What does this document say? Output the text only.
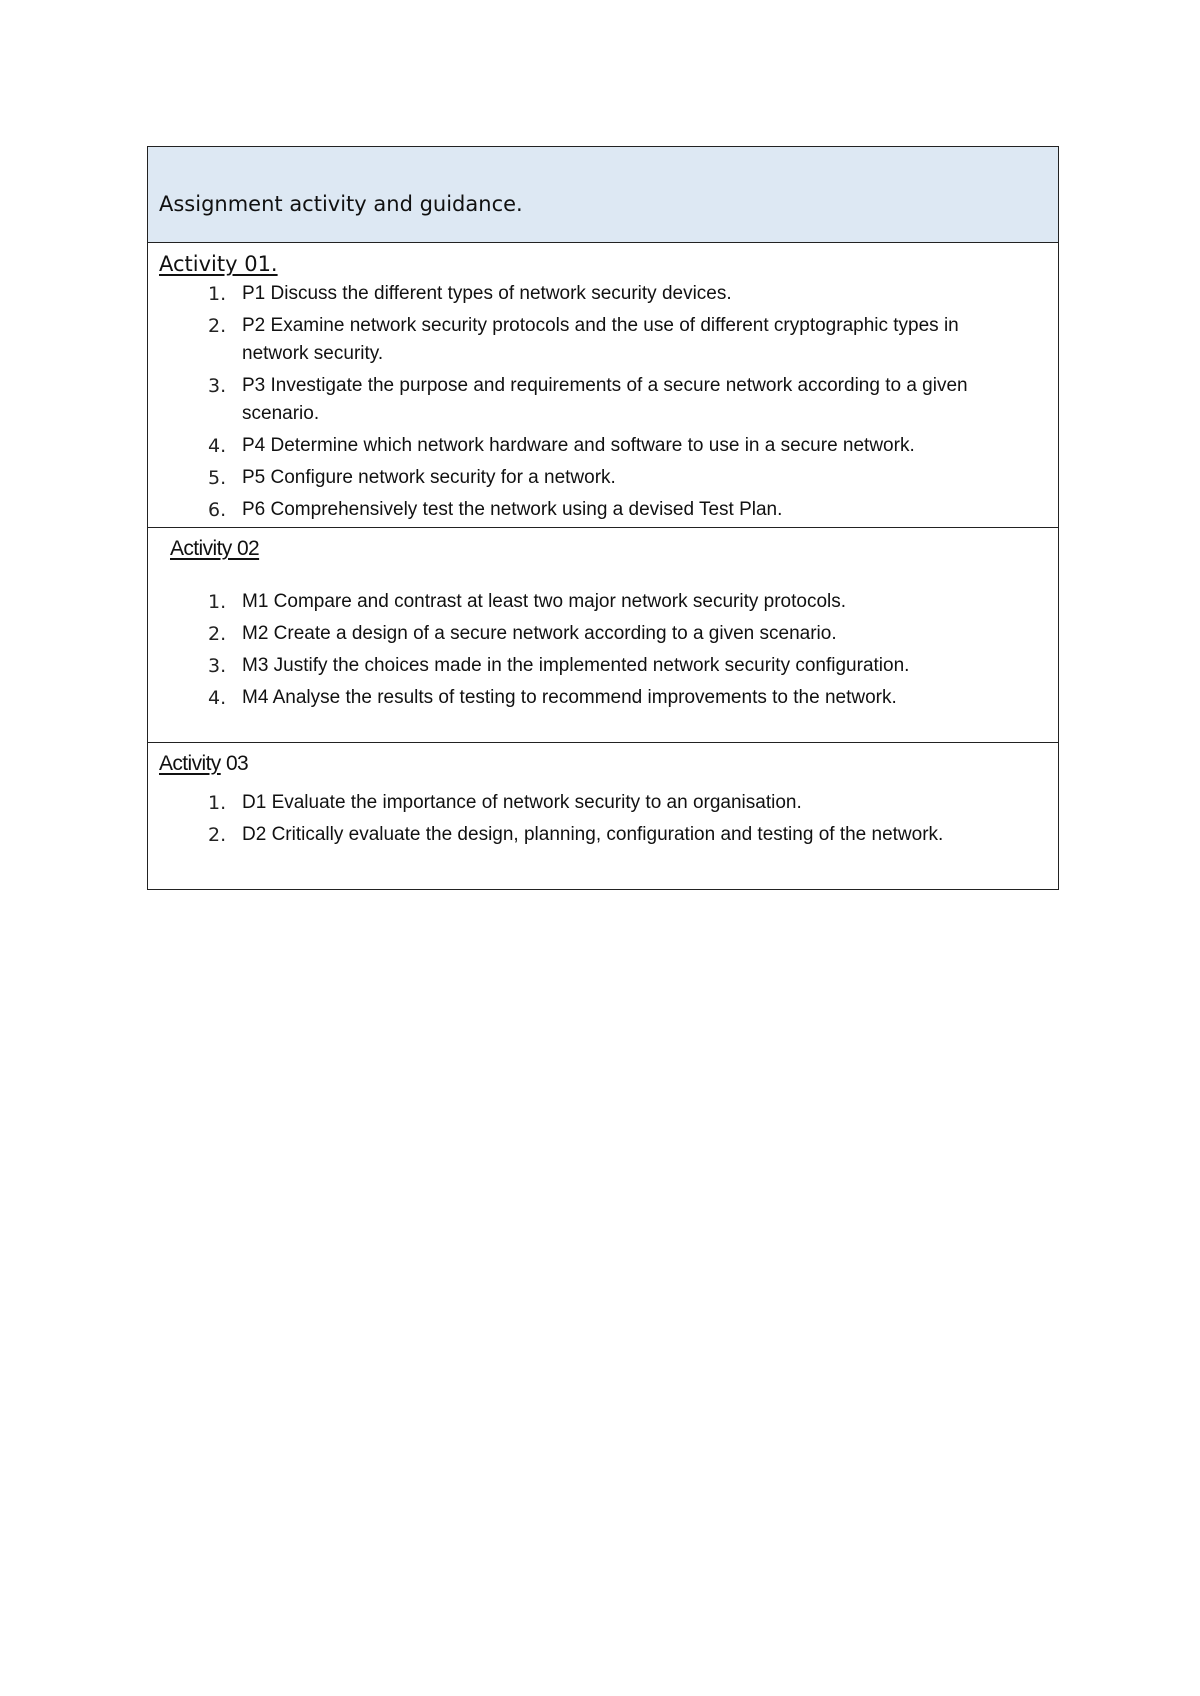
Assignment activity and guidance.
Activity 01.
1. P1 Discuss the different types of network security devices.
2. P2 Examine network security protocols and the use of different cryptographic types in network security.
3. P3 Investigate the purpose and requirements of a secure network according to a given scenario.
4. P4 Determine which network hardware and software to use in a secure network.
5. P5 Configure network security for a network.
6. P6 Comprehensively test the network using a devised Test Plan.
Activity 02
1. M1 Compare and contrast at least two major network security protocols.
2. M2 Create a design of a secure network according to a given scenario.
3. M3 Justify the choices made in the implemented network security configuration.
4. M4 Analyse the results of testing to recommend improvements to the network.
Activity 03
1. D1 Evaluate the importance of network security to an organisation.
2. D2 Critically evaluate the design, planning, configuration and testing of the network.
